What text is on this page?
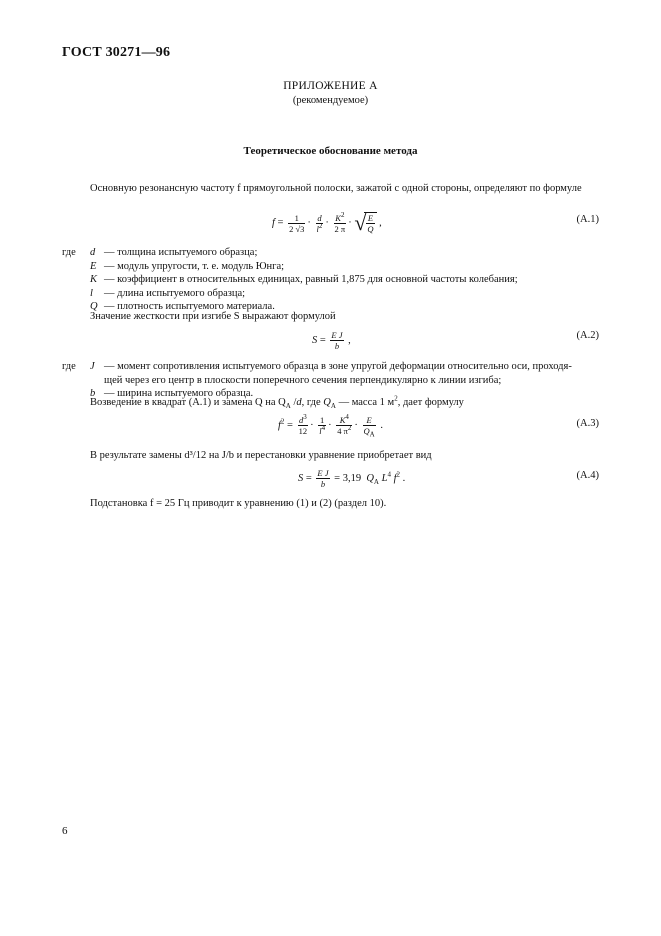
ГОСТ 30271—96
ПРИЛОЖЕНИЕ А
(рекомендуемое)
Теоретическое обоснование метода
Основную резонансную частоту f прямоугольной полоски, зажатой с одной стороны, определяют по формуле
$f = \frac{1}{2 √3} \cdot \frac{d}{l^2} \cdot \frac{K^2}{2 \pi}$ · √ $\frac{E}{Q}$ ,	(А.1)
где	d — толщина испытуемого образца;
E — модуль упругости, т. е. модуль Юнга;
K — коэффициент в относительных единицах, равный 1,875 для основной частоты колебания;
l	— длина испытуемого образца;
Q — плотность испытуемого материала.
Значение жесткости при изгибе S выражают формулой
$S = \frac{\text{E J}}{b}$ ,	(А.2)
где	J — момент сопротивления испытуемого образца в зоне упругой деформации относительно оси, проходя-
щей через его центр в плоскости поперечного сечения перпендикулярно к линии изгиба;
b — ширина испытуемого образца.
Возведение в квадрат (А.1) и замена Q на $Q_A$ /d, где $Q_A$ — масса 1 $м^2$, дает формулу
$f^2 = \frac{d^3}{12} \cdot \frac{1}{l^4} \cdot \frac{K^4}{4 \pi^2} \cdot \frac{E}{Q_A}$ .	(А.3)
В результате замены d³/12 на J/b и перестановки уравнение приобретает вид
$S = \frac{\text{E J}}{b} = 3,19$ $Q_A$ $L^4$ $f^2$ .	(А.4)
Подстановка f = 25 Гц приводит к уравнению (1) и (2) (раздел 10).
6
